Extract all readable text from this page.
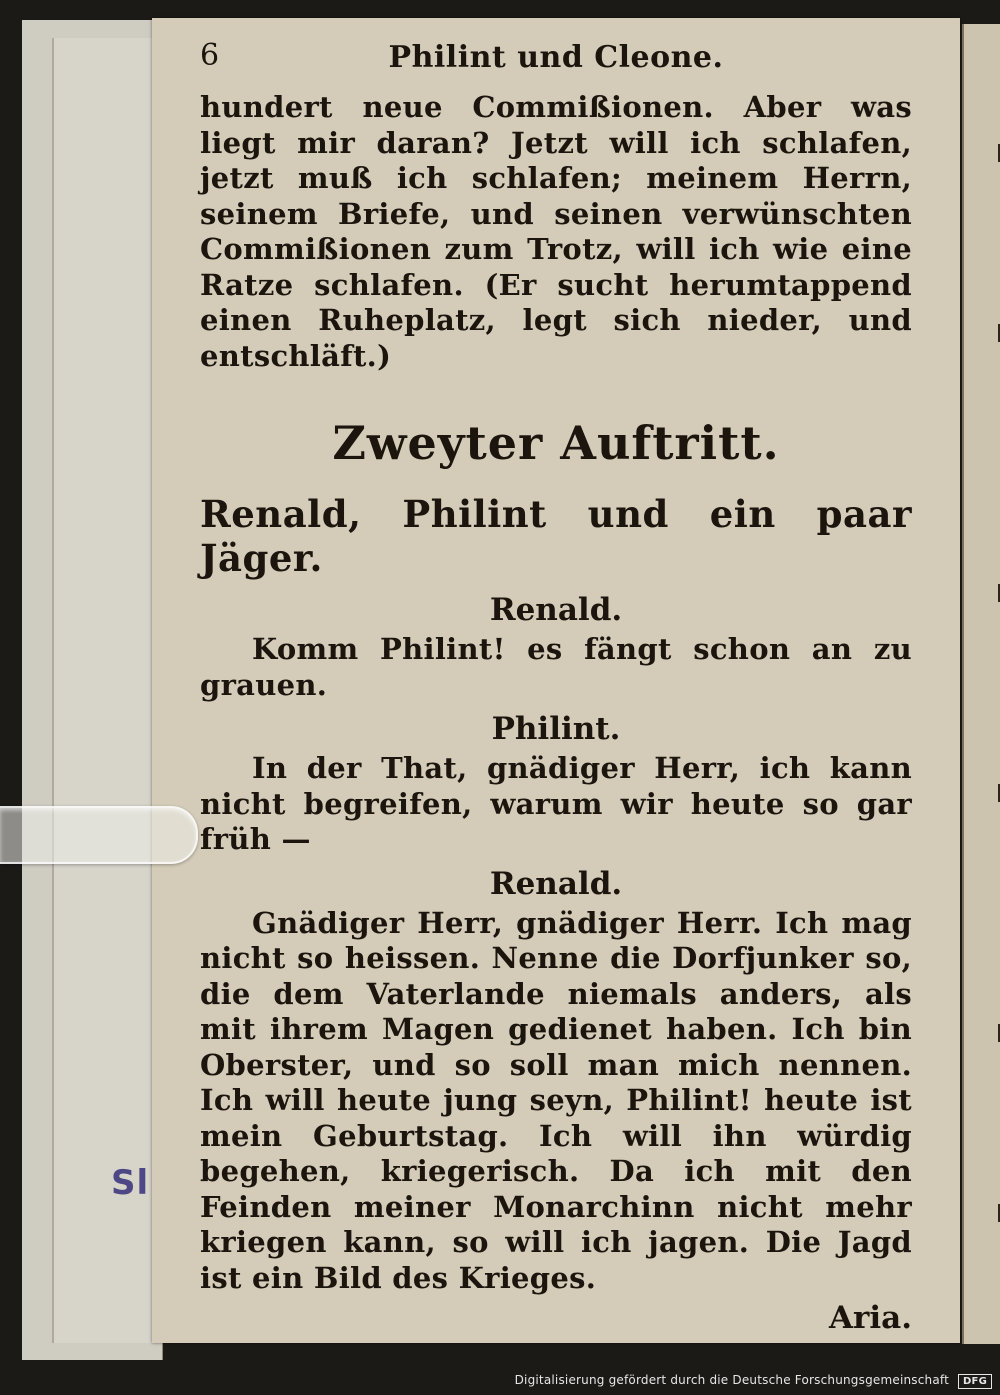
Sl
6	Philint und Cleone.

hundert neue Commißionen. Aber was liegt mir daran? Jetzt will ich schlafen, jetzt muß ich schlafen; meinem Herrn, seinem Briefe, und seinen verwünschten Commißionen zum Trotz, will ich wie eine Ratze schlafen. (Er sucht herumtappend einen Ruheplatz, legt sich nieder, und entschläft.)

Zweyter Auftritt.
Renald, Philint und ein paar Jäger.
Renald.

Komm Philint! es fängt schon an zu grauen.

Philint.

In der That, gnädiger Herr, ich kann nicht begreifen, warum wir heute so gar früh —

Renald.

Gnädiger Herr, gnädiger Herr. Ich mag nicht so heissen. Nenne die Dorfjunker so, die dem Vaterlande niemals anders, als mit ihrem Magen gedienet haben. Ich bin Oberster, und so soll man mich nennen. Ich will heute jung seyn, Philint! heute ist mein Geburtstag. Ich will ihn würdig begehen, kriegerisch. Da ich mit den Feinden meiner Monarchinn nicht mehr kriegen kann, so will ich jagen. Die Jagd ist ein Bild des Krieges.

Aria.
Digitalisierung gefördert durch die Deutsche Forschungsgemeinschaft DFG
